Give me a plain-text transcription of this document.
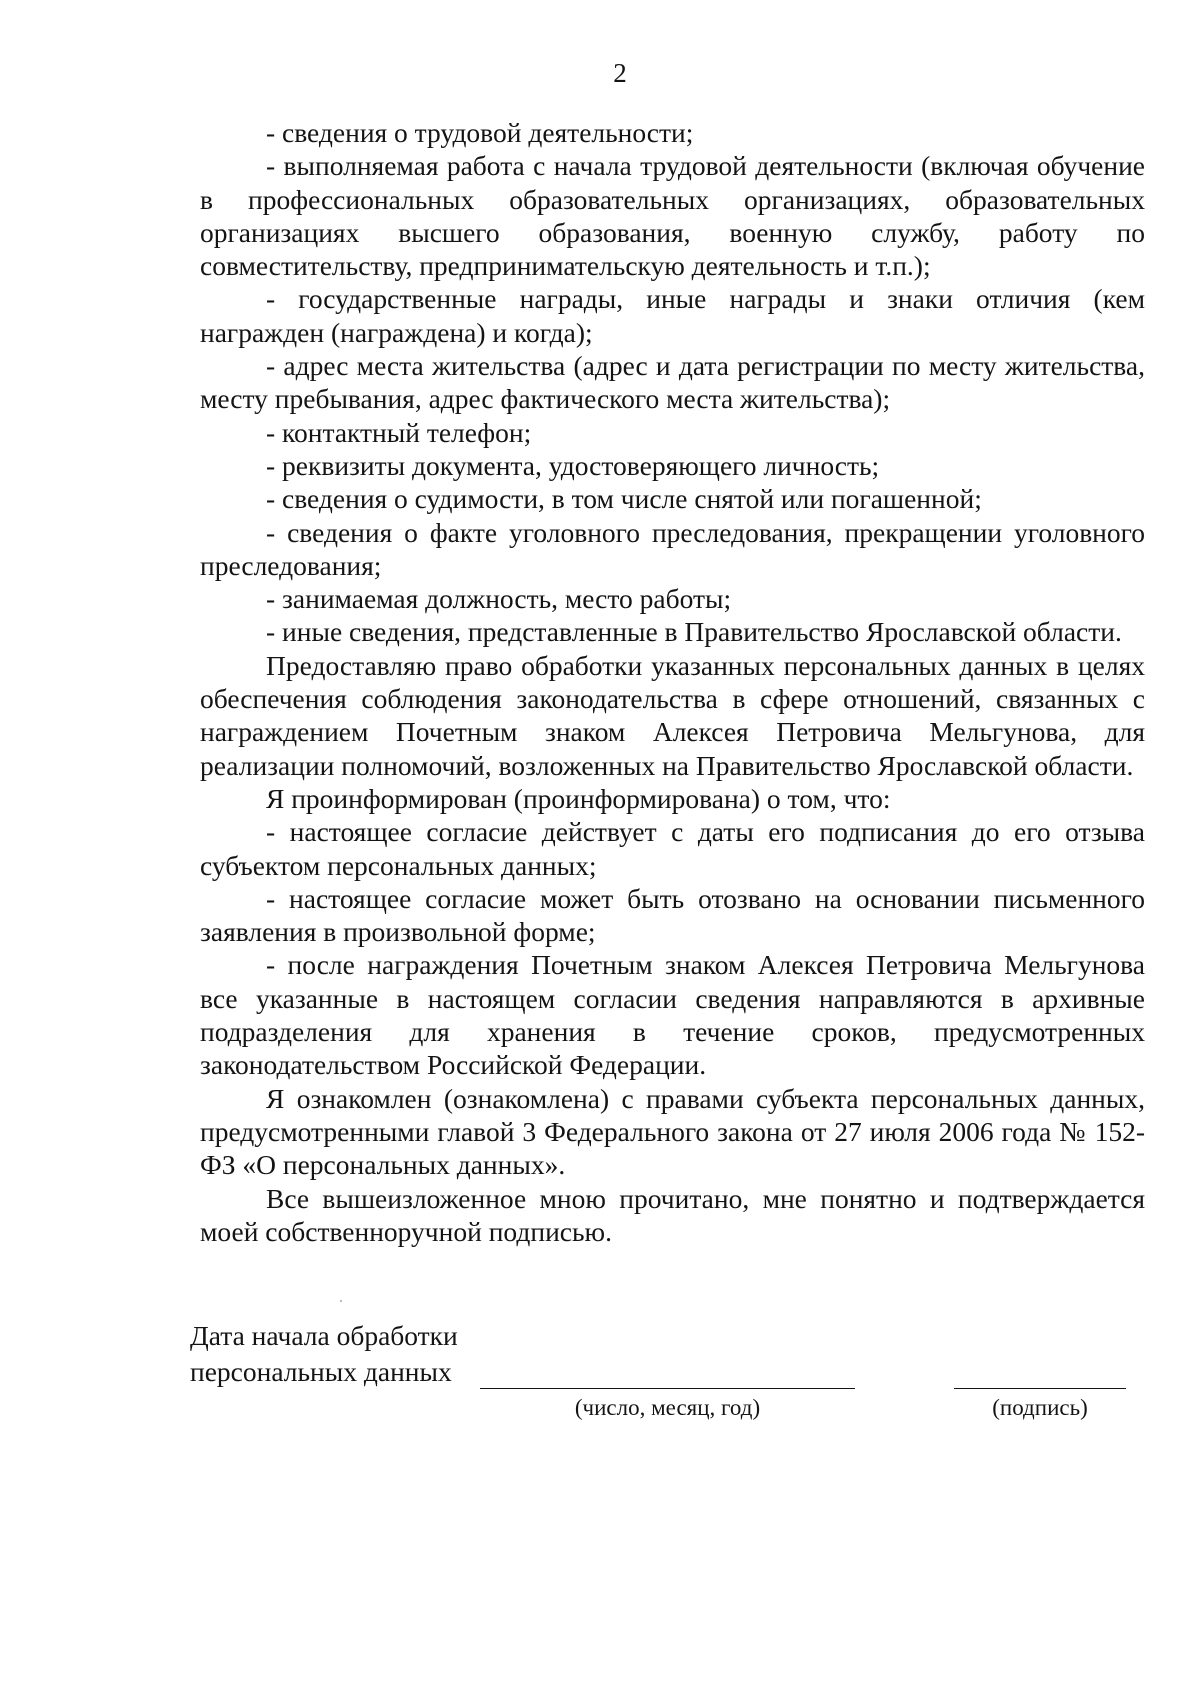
2

- сведения о трудовой деятельности;

- выполняемая работа с начала трудовой деятельности (включая обучение в профессиональных образовательных организациях, образовательных организациях высшего образования, военную службу, работу по совместительству, предпринимательскую деятельность и т.п.);

- государственные награды, иные награды и знаки отличия (кем награжден (награждена) и когда);

- адрес места жительства (адрес и дата регистрации по месту жительства, месту пребывания, адрес фактического места жительства);

- контактный телефон;

- реквизиты документа, удостоверяющего личность;

- сведения о судимости, в том числе снятой или погашенной;

- сведения о факте уголовного преследования, прекращении уголовного преследования;

- занимаемая должность, место работы;

- иные сведения, представленные в Правительство Ярославской области.

Предоставляю право обработки указанных персональных данных в целях обеспечения соблюдения законодательства в сфере отношений, связанных с награждением Почетным знаком Алексея Петровича Мельгунова, для реализации полномочий, возложенных на Правительство Ярославской области.

Я проинформирован (проинформирована) о том, что:

- настоящее согласие действует с даты его подписания до его отзыва субъектом персональных данных;

- настоящее согласие может быть отозвано на основании письменного заявления в произвольной форме;

- после награждения Почетным знаком Алексея Петровича Мельгунова все указанные в настоящем согласии сведения направляются в архивные подразделения для хранения в течение сроков, предусмотренных законодательством Российской Федерации.

Я ознакомлен (ознакомлена) с правами субъекта персональных данных, предусмотренными главой 3 Федерального закона от 27 июля 2006 года № 152-ФЗ «О персональных данных».

Все вышеизложенное мною прочитано, мне понятно и подтверждается моей собственноручной подписью.

Дата начала обработки
персональных данных
(число, месяц, год)	(подпись)
